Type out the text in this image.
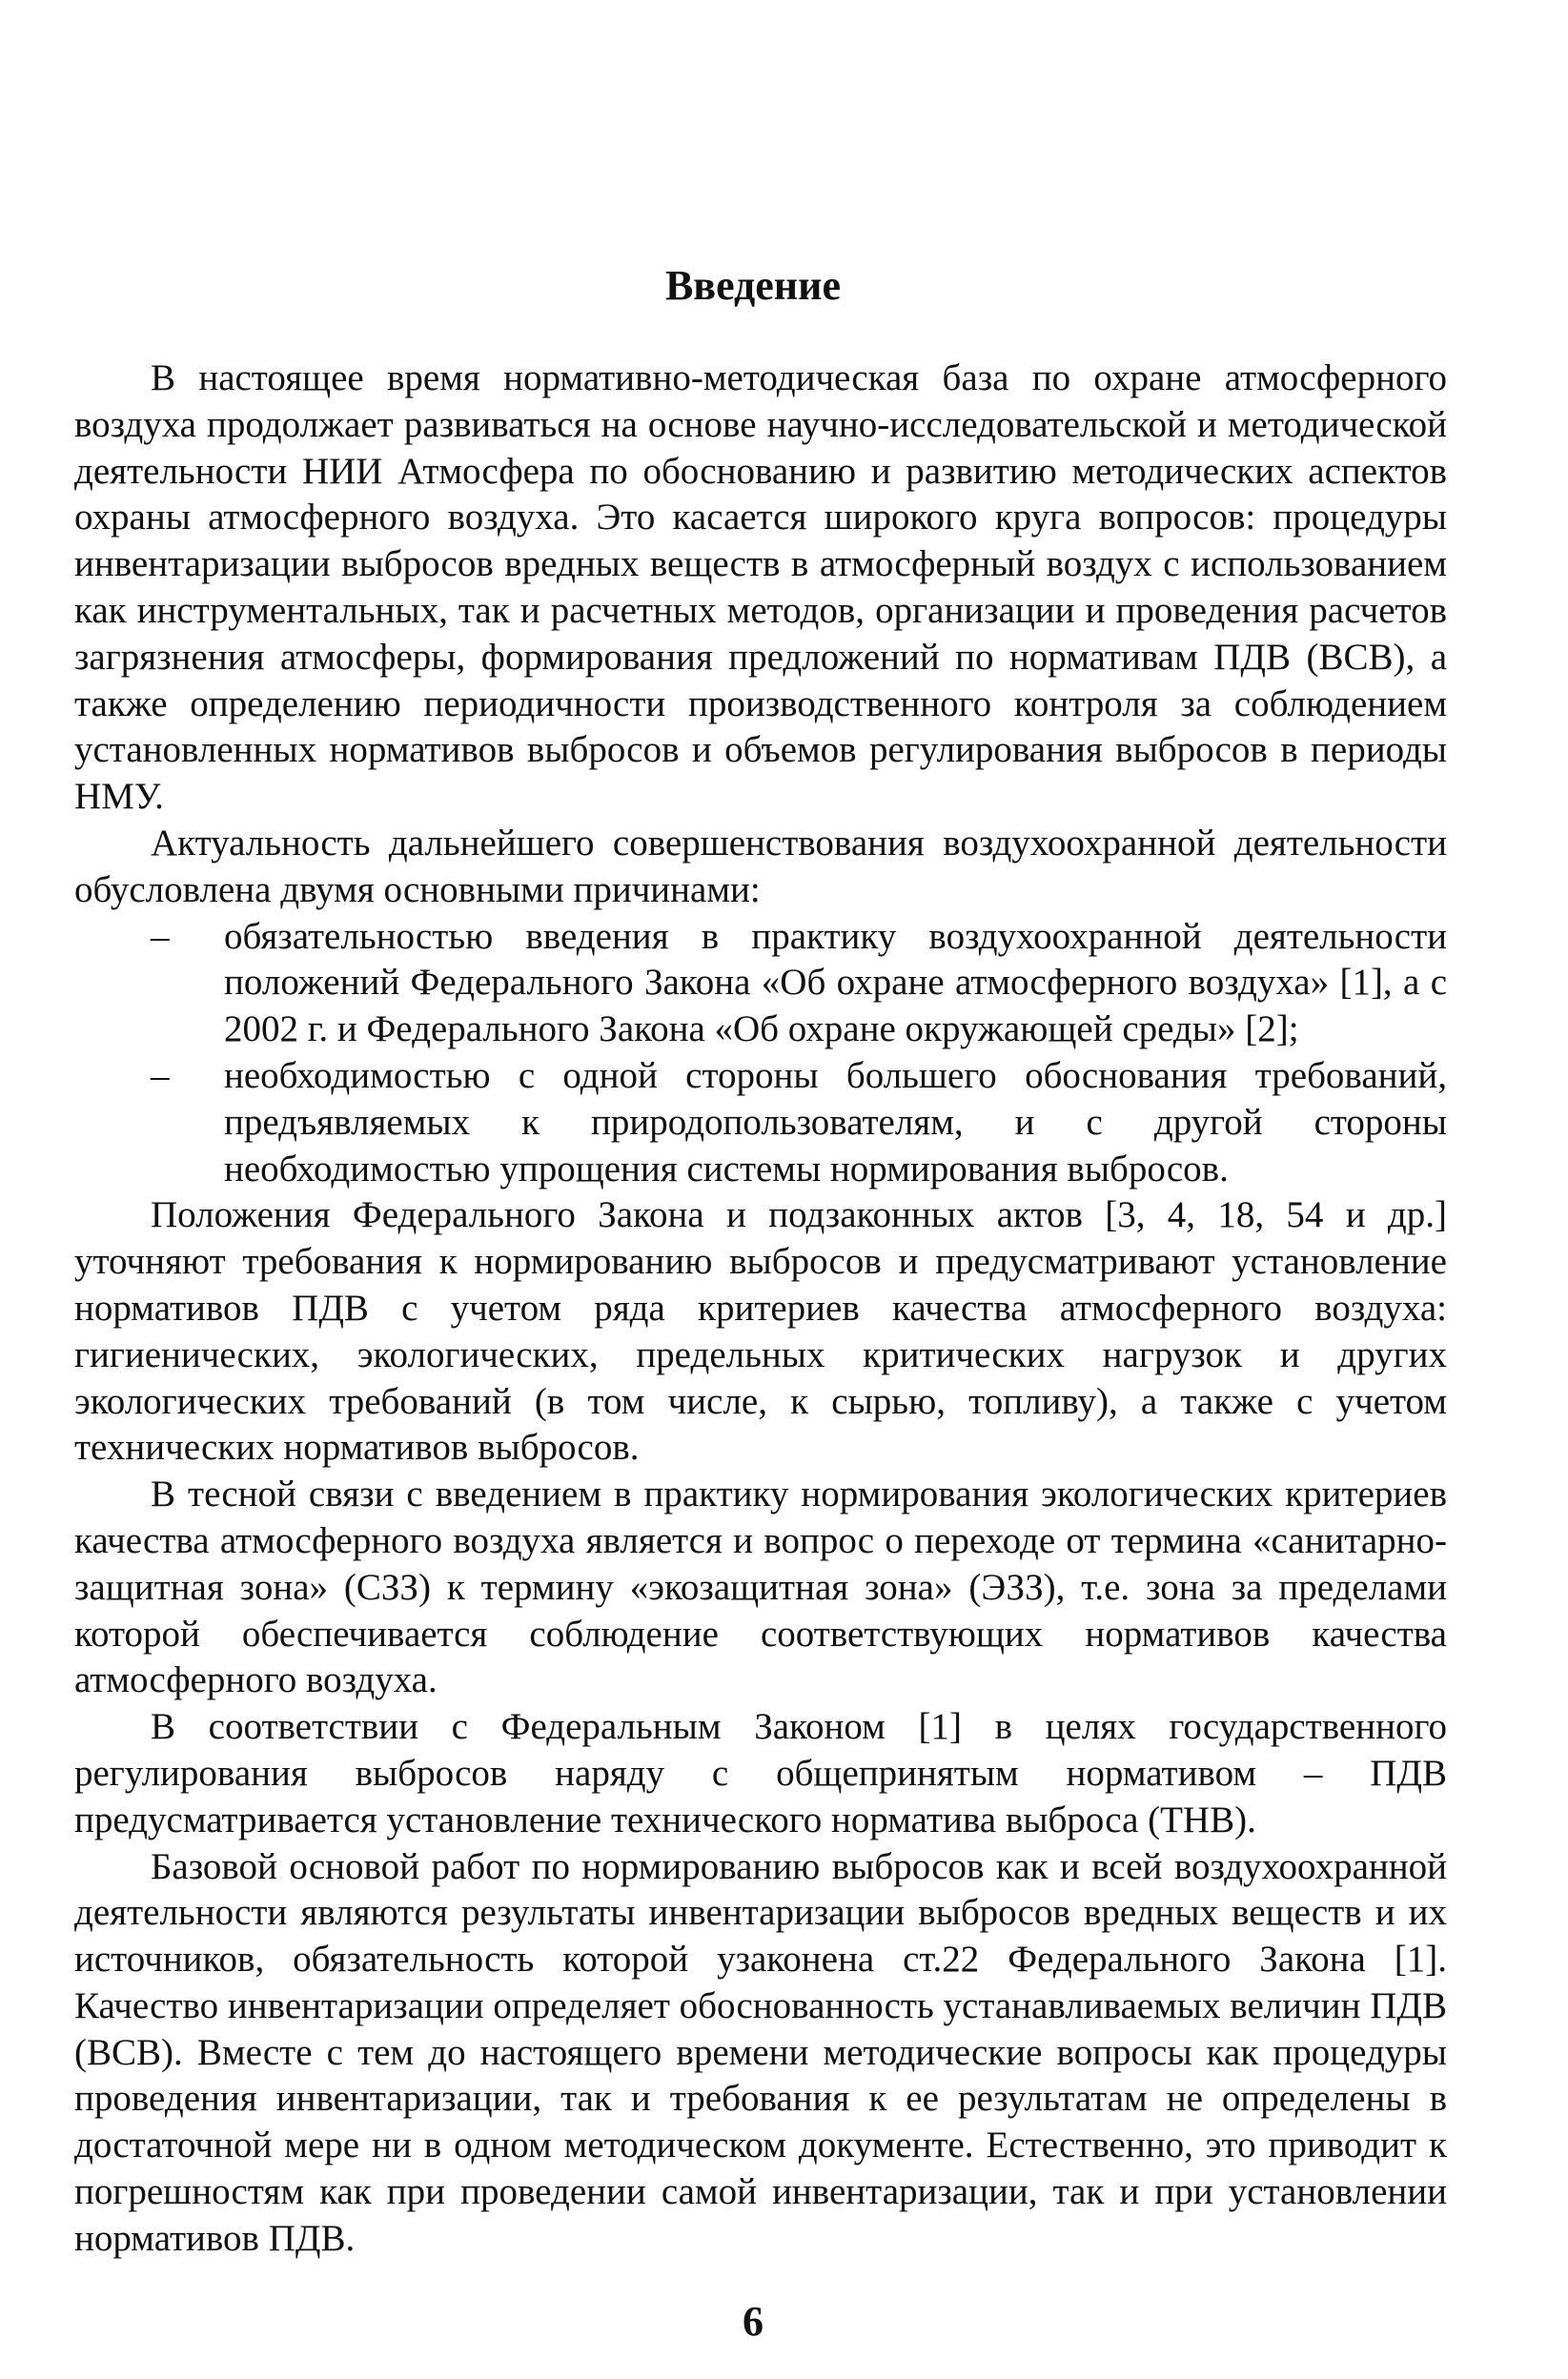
Введение

В настоящее время нормативно-методическая база по охране атмосферного воздуха продолжает развиваться на основе научно-исследовательской и методической деятельности НИИ Атмосфера по обоснованию и развитию методических аспектов охраны атмосферного воздуха. Это касается широкого круга вопросов: процедуры инвентаризации выбросов вредных веществ в атмосферный воздух с использованием как инструментальных, так и расчетных методов, организации и проведения расчетов загрязнения атмосферы, формирования предложений по нормативам ПДВ (ВСВ), а также определению периодичности производственного контроля за соблюдением установленных нормативов выбросов и объемов регулирования выбросов в периоды НМУ.

Актуальность дальнейшего совершенствования воздухоохранной деятельности обусловлена двумя основными причинами:

– обязательностью введения в практику воздухоохранной деятельности положений Федерального Закона «Об охране атмосферного воздуха» [1], а с 2002 г. и Федерального Закона «Об охране окружающей среды» [2];
– необходимостью с одной стороны большего обоснования требований, предъявляемых к природопользователям, и с другой стороны необходимостью упрощения системы нормирования выбросов.

Положения Федерального Закона и подзаконных актов [3, 4, 18, 54 и др.] уточняют требования к нормированию выбросов и предусматривают установление нормативов ПДВ с учетом ряда критериев качества атмосферного воздуха: гигиенических, экологических, предельных критических нагрузок и других экологических требований (в том числе, к сырью, топливу), а также с учетом технических нормативов выбросов.

В тесной связи с введением в практику нормирования экологических критериев качества атмосферного воздуха является и вопрос о переходе от термина «санитарно-защитная зона» (СЗЗ) к термину «экозащитная зона» (ЭЗЗ), т.е. зона за пределами которой обеспечивается соблюдение соответствующих нормативов качества атмосферного воздуха.

В соответствии с Федеральным Законом [1] в целях государственного регулирования выбросов наряду с общепринятым нормативом – ПДВ предусматривается установление технического норматива выброса (ТНВ).

Базовой основой работ по нормированию выбросов как и всей воздухоохранной деятельности являются результаты инвентаризации выбросов вредных веществ и их источников, обязательность которой узаконена ст.22 Федерального Закона [1]. Качество инвентаризации определяет обоснованность устанавливаемых величин ПДВ (ВСВ). Вместе с тем до настоящего времени методические вопросы как процедуры проведения инвентаризации, так и требования к ее результатам не определены в достаточной мере ни в одном методическом документе. Естественно, это приводит к погрешностям как при проведении самой инвентаризации, так и при установлении нормативов ПДВ.

6
